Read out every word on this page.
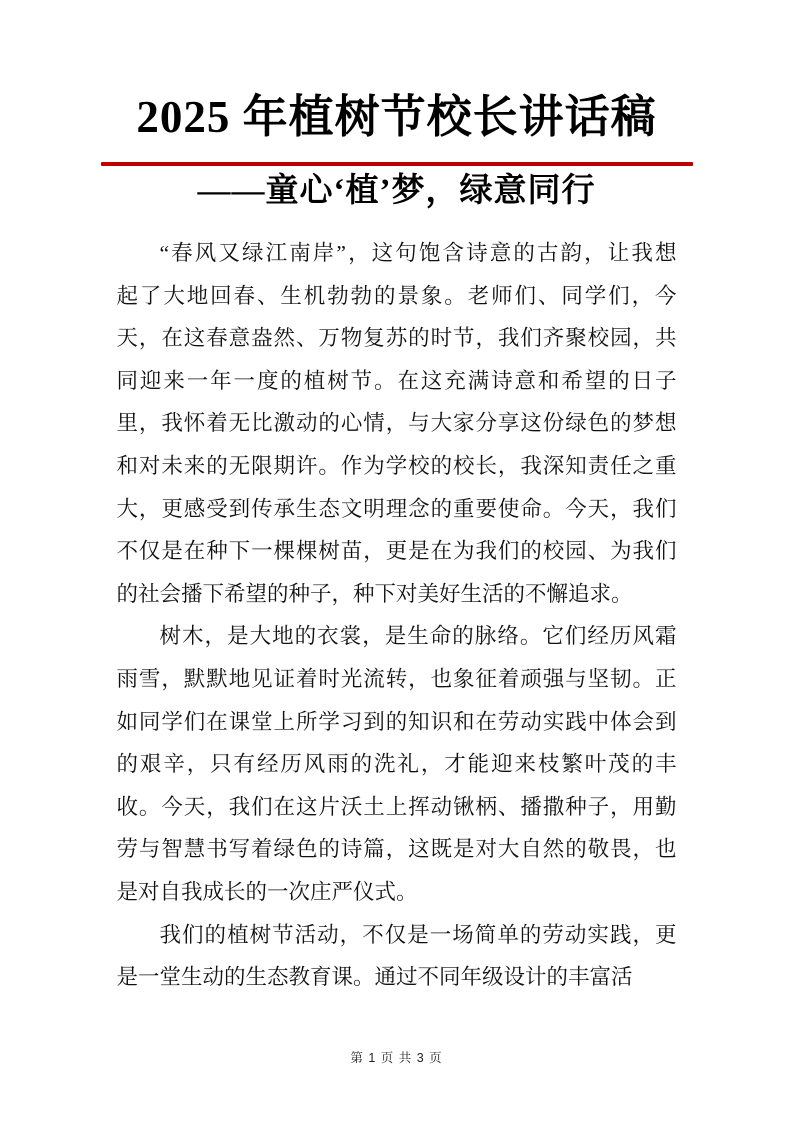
2025 年植树节校长讲话稿
——童心‘植’梦，绿意同行
“春风又绿江南岸”，这句饱含诗意的古韵，让我想
起了大地回春、生机勃勃的景象。老师们、同学们，今
天，在这春意盎然、万物复苏的时节，我们齐聚校园，共
同迎来一年一度的植树节。在这充满诗意和希望的日子
里，我怀着无比激动的心情，与大家分享这份绿色的梦想
和对未来的无限期许。作为学校的校长，我深知责任之重
大，更感受到传承生态文明理念的重要使命。今天，我们
不仅是在种下一棵棵树苗，更是在为我们的校园、为我们
的社会播下希望的种子，种下对美好生活的不懈追求。
树木，是大地的衣裳，是生命的脉络。它们经历风霜
雨雪，默默地见证着时光流转，也象征着顽强与坚韧。正
如同学们在课堂上所学习到的知识和在劳动实践中体会到
的艰辛，只有经历风雨的洗礼，才能迎来枝繁叶茂的丰
收。今天，我们在这片沃土上挥动锹柄、播撒种子，用勤
劳与智慧书写着绿色的诗篇，这既是对大自然的敬畏，也
是对自我成长的一次庄严仪式。
我们的植树节活动，不仅是一场简单的劳动实践，更
是一堂生动的生态教育课。通过不同年级设计的丰富活
第 1 页 共 3 页
